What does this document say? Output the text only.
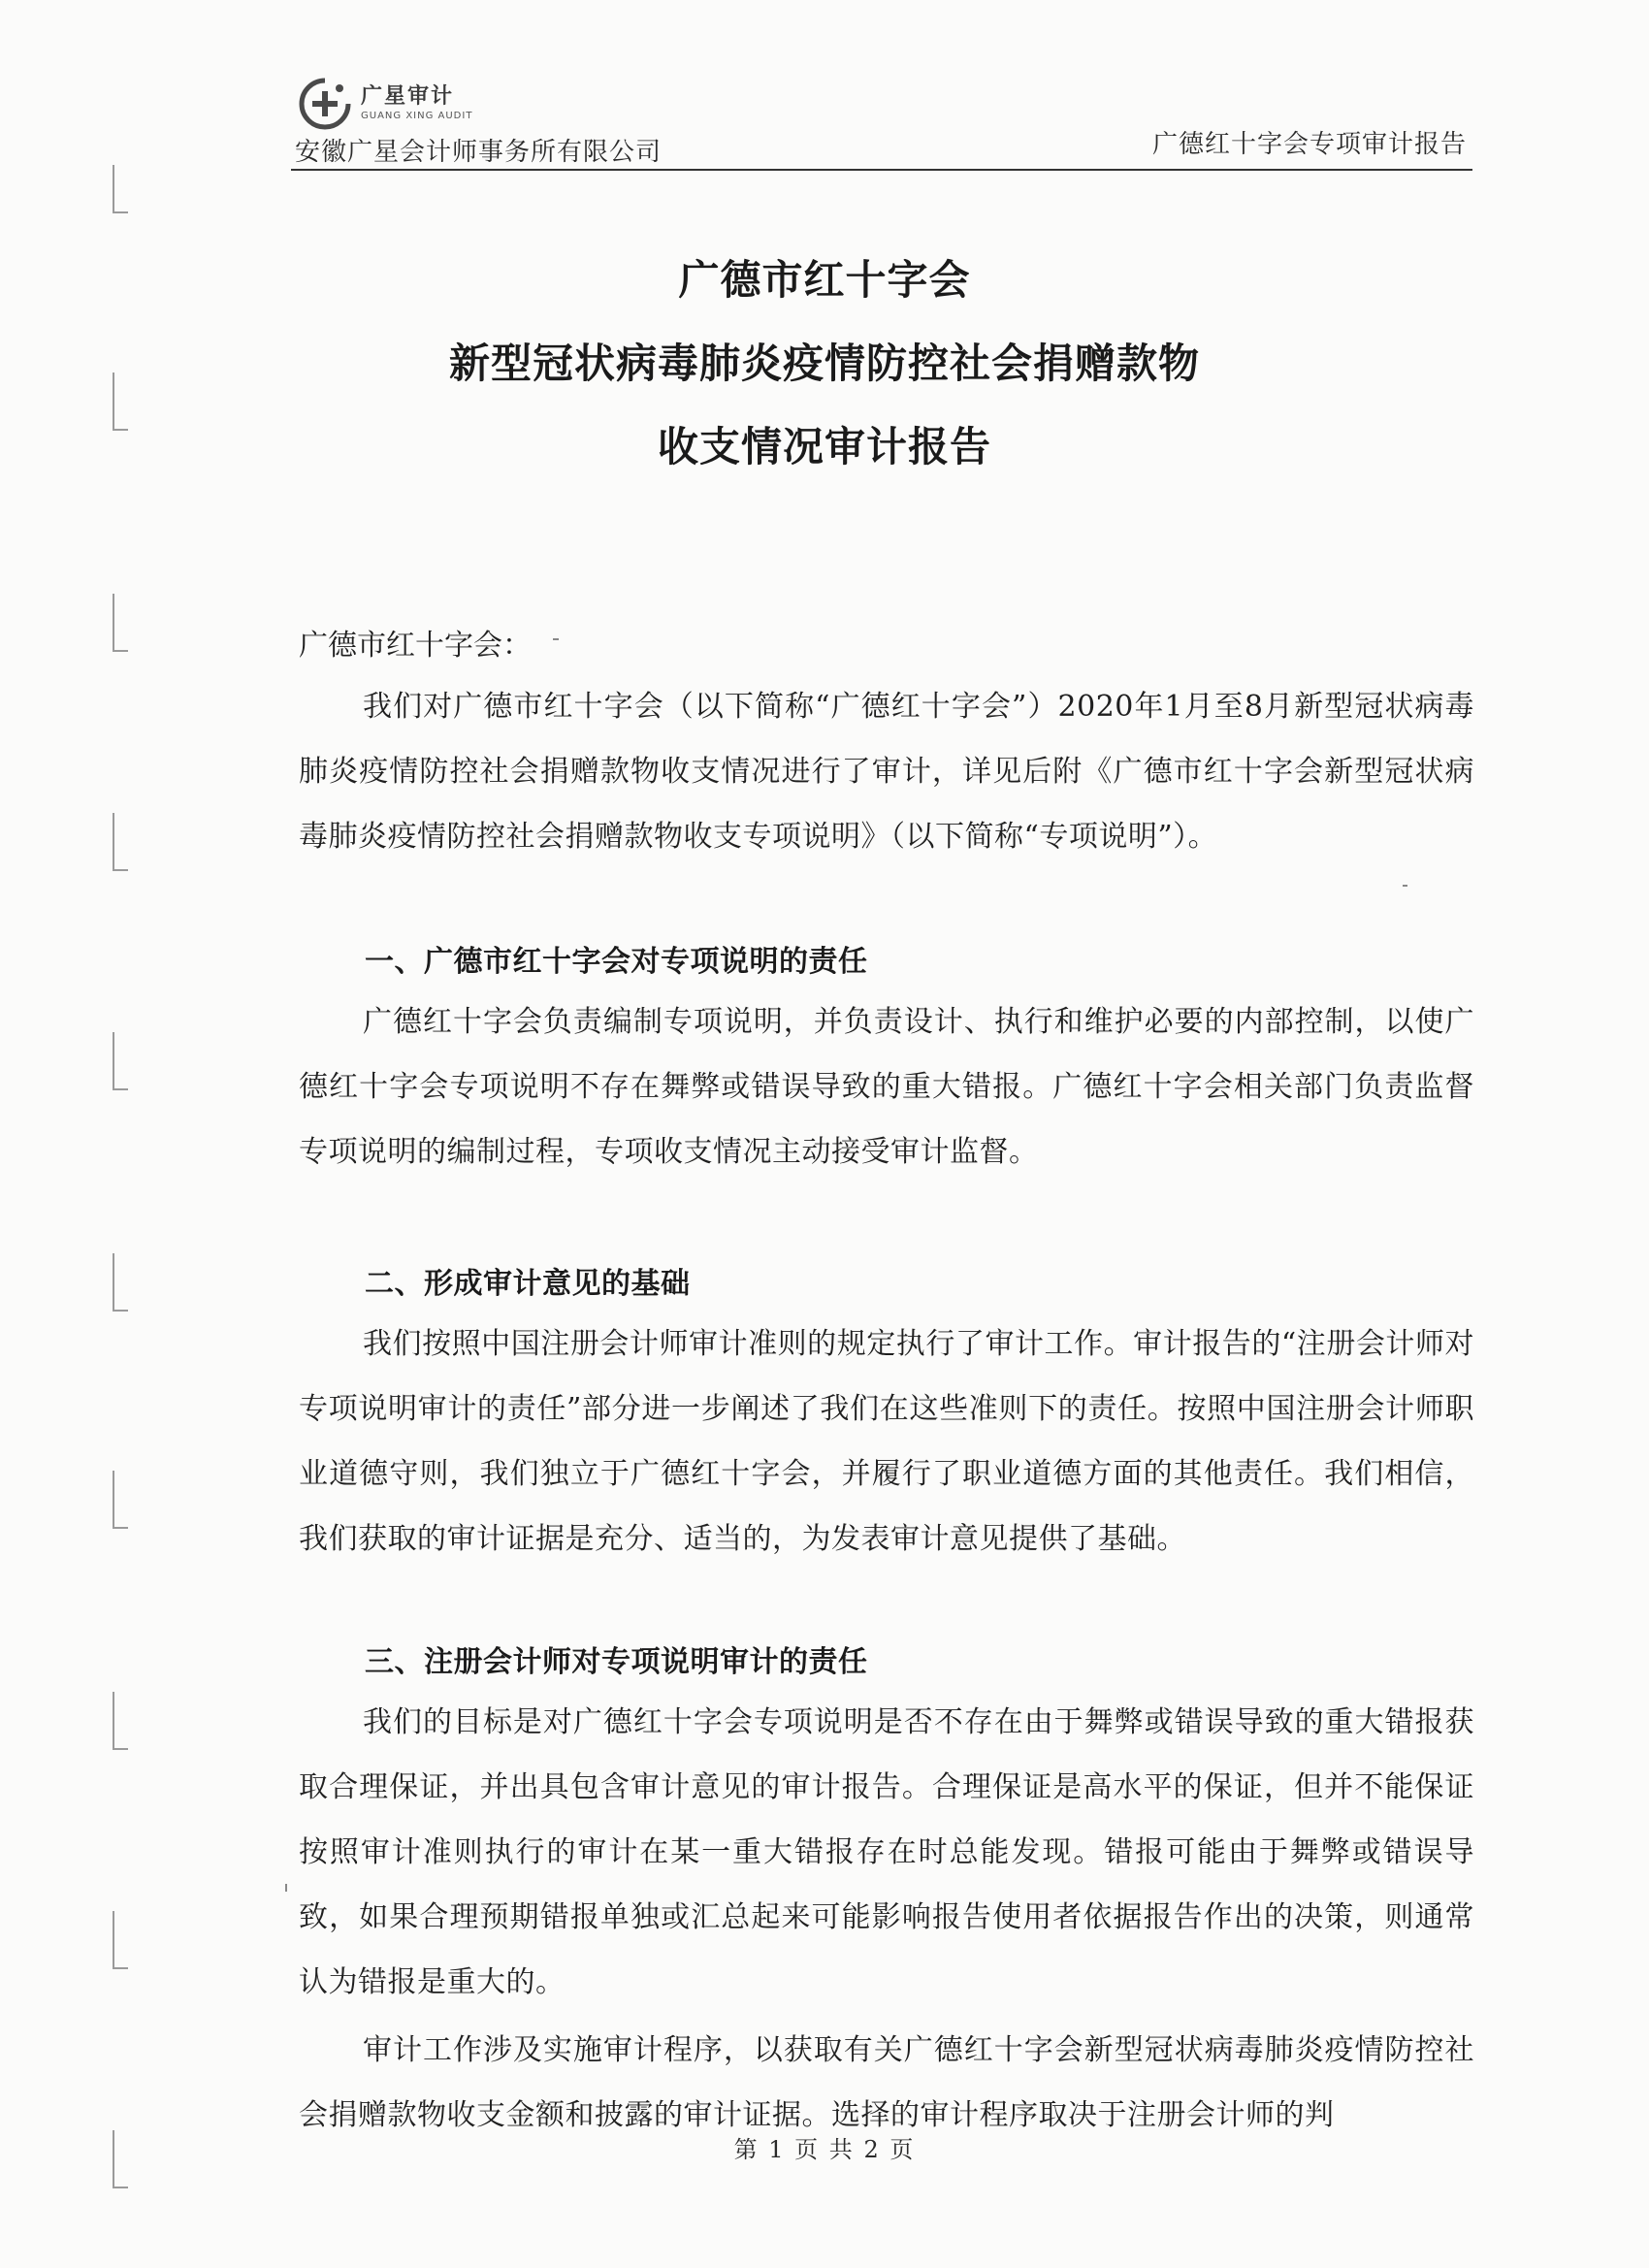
广星审计
GUANG XING AUDIT
安徽广星会计师事务所有限公司	广德红十字会专项审计报告
广德市红十字会
新型冠状病毒肺炎疫情防控社会捐赠款物
收支情况审计报告
广德市红十字会：
我们对广德市红十字会（以下简称“广德红十字会”）2020年1月至8月新型冠状病毒肺炎疫情防控社会捐赠款物收支情况进行了审计，详见后附《广德市红十字会新型冠状病毒肺炎疫情防控社会捐赠款物收支专项说明》（以下简称“专项说明”）。
一、广德市红十字会对专项说明的责任
广德红十字会负责编制专项说明，并负责设计、执行和维护必要的内部控制，以使广德红十字会专项说明不存在舞弊或错误导致的重大错报。广德红十字会相关部门负责监督专项说明的编制过程，专项收支情况主动接受审计监督。
二、形成审计意见的基础
我们按照中国注册会计师审计准则的规定执行了审计工作。审计报告的“注册会计师对专项说明审计的责任”部分进一步阐述了我们在这些准则下的责任。按照中国注册会计师职业道德守则，我们独立于广德红十字会，并履行了职业道德方面的其他责任。我们相信，我们获取的审计证据是充分、适当的，为发表审计意见提供了基础。
三、注册会计师对专项说明审计的责任
我们的目标是对广德红十字会专项说明是否不存在由于舞弊或错误导致的重大错报获取合理保证，并出具包含审计意见的审计报告。合理保证是高水平的保证，但并不能保证按照审计准则执行的审计在某一重大错报存在时总能发现。错报可能由于舞弊或错误导致，如果合理预期错报单独或汇总起来可能影响报告使用者依据报告作出的决策，则通常认为错报是重大的。
审计工作涉及实施审计程序，以获取有关广德红十字会新型冠状病毒肺炎疫情防控社会捐赠款物收支金额和披露的审计证据。选择的审计程序取决于注册会计师的判
第 1 页 共 2 页
